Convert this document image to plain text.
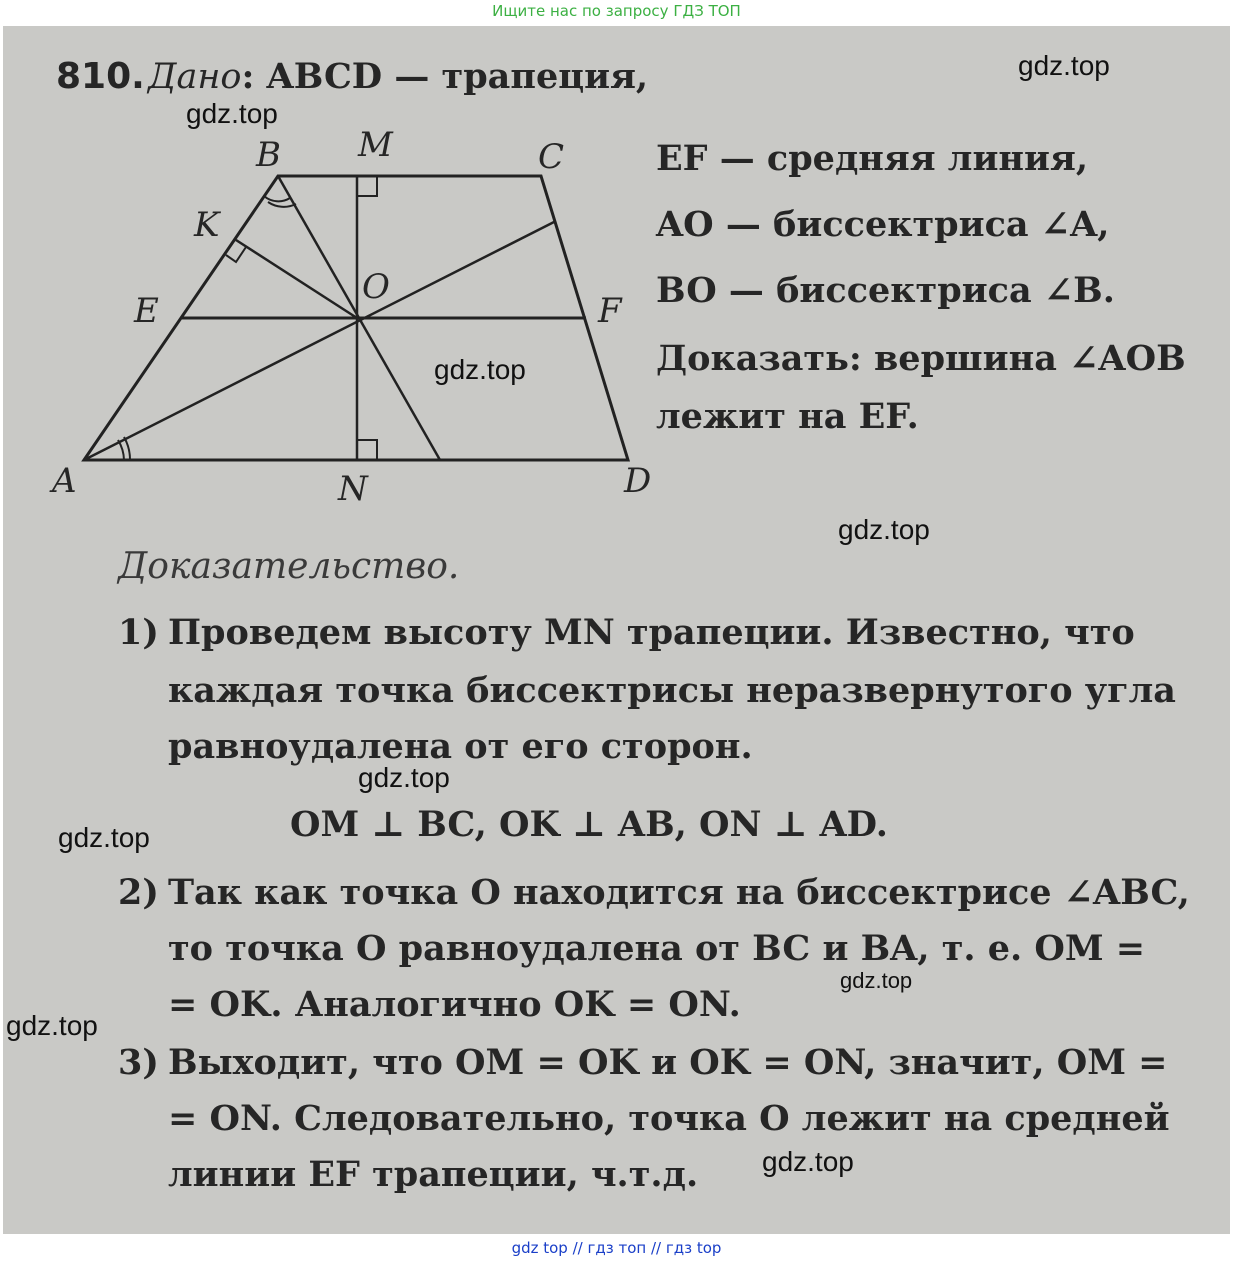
Ищите нас по запросу ГДЗ ТОП
810. Дано: ABCD — трапеция,
EF — средняя линия,
AO — биссектриса ∠A,
BO — биссектриса ∠B.
Доказать: вершина ∠AOB
лежит на EF.
A
B	C
D
M
N
K
E	F
O
Доказательство.
1) Проведем высоту MN трапеции. Известно, что
каждая точка биссектрисы неразвернутого угла
равноудалена от его сторон.
OM ⊥ BC, OK ⊥ AB, ON ⊥ AD.
2) Так как точка O находится на биссектрисе ∠ABC,
то точка O равноудалена от BC и BA, т. е. OM =
= OK. Аналогично OK = ON.
3) Выходит, что OM = OK и OK = ON, значит, OM =
= ON. Следовательно, точка O лежит на средней
линии EF трапеции, ч.т.д.
gdz.top
gdz.top
gdz.top
gdz.top
gdz.top
gdz.top
gdz.top
gdz.top
gdz.top
gdz top // гдз топ // гдз top
